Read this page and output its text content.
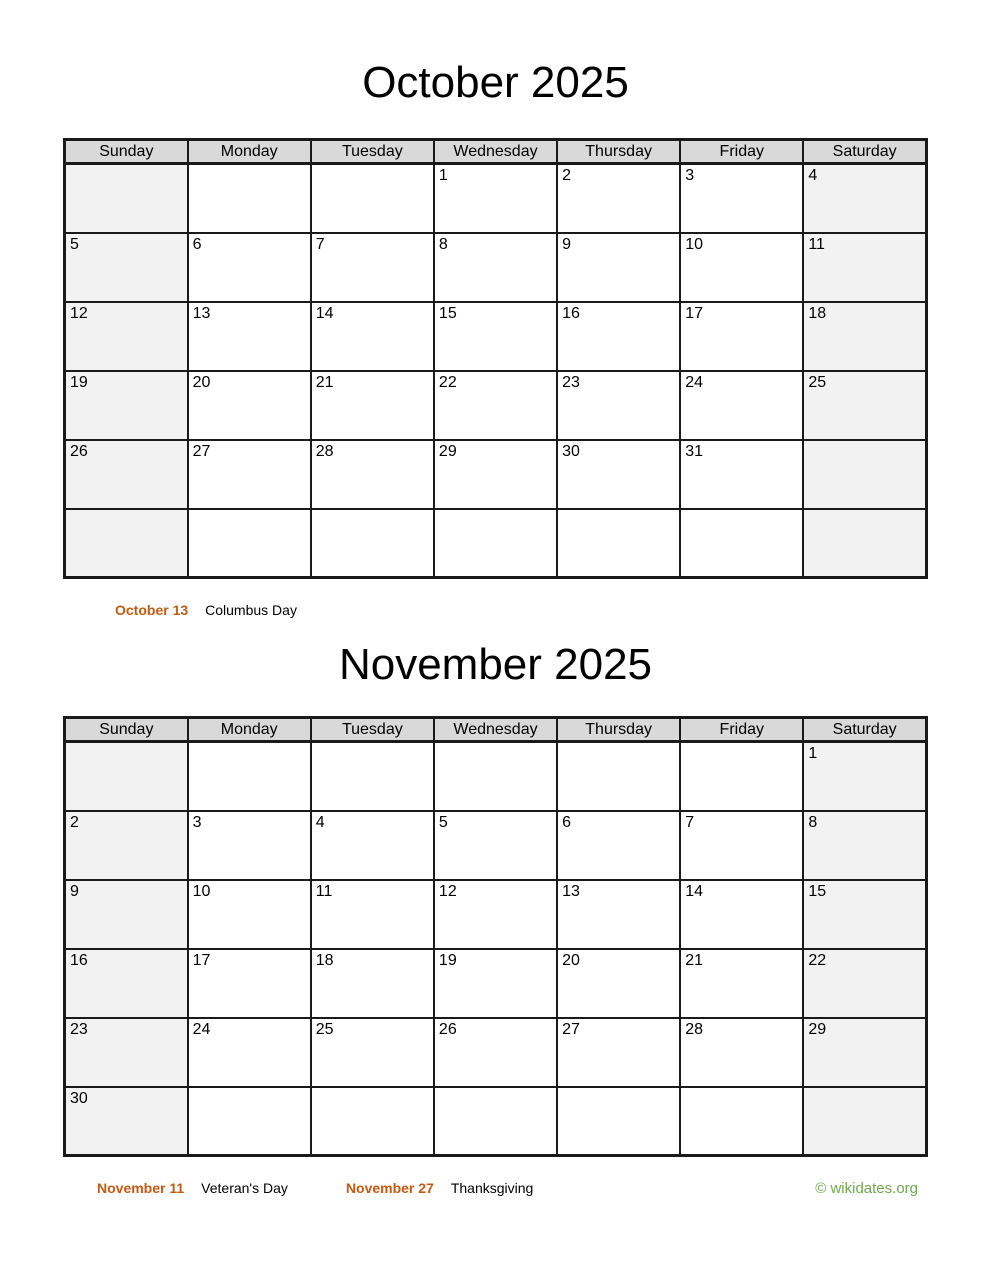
October 2025
Sunday	Monday	Tuesday	Wednesday	Thursday	Friday	Saturday
			1	2	3	4
5	6	7	8	9	10	11
12	13	14	15	16	17	18
19	20	21	22	23	24	25
26	27	28	29	30	31	

October 13 Columbus Day
November 2025
Sunday	Monday	Tuesday	Wednesday	Thursday	Friday	Saturday
						1
2	3	4	5	6	7	8
9	10	11	12	13	14	15
16	17	18	19	20	21	22
23	24	25	26	27	28	29
30						
November 11 Veteran's Day	November 27 Thanksgiving	© wikidates.org
